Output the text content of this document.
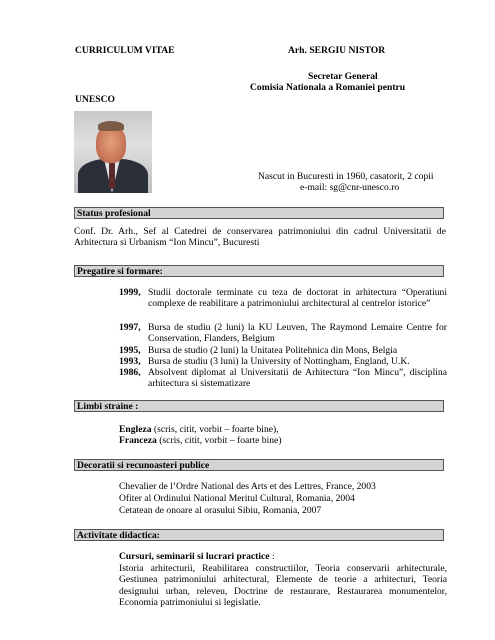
CURRICULUM VITAE	Arh. SERGIU NISTOR
Secretar General
Comisia Nationala a Romaniei pentru
UNESCO
Nascut in Bucuresti in 1960, casatorit, 2 copii
e-mail: sg@cnr-unesco.ro
Status profesional
Conf. Dr. Arh., Sef al Catedrei de conservarea patrimoniului din cadrul Universitatii de Arhitectura si Urbanism “Ion Mincu”, Bucuresti
Pregatire si formare:
1999, Studii doctorale terminate cu teza de doctorat in arhitectura “Operatiuni complexe de reabilitare a patrimoniului architectural al centrelor istorice”
1997, Bursa de studiu (2 luni) la KU Leuven, The Raymond Lemaire Centre for Conservation, Flanders, Belgium
1995, Bursa de studio (2 luni) la Unitatea Politehnica din Mons, Belgia
1993, Bursa de studiu (3 luni) la University of Nottingham, England, U.K.
1986, Absolvent diplomat al Universitatii de Arhitectura “Ion Mincu”, disciplina arhitectura si sistematizare
Limbi straine :
Engleza (scris, citit, vorbit – foarte bine),
Franceza (scris, citit, vorbit – foarte bine)
Decoratii si recunoasteri publice
Chevalier de l’Ordre National des Arts et des Lettres, France, 2003
Ofiter al Ordinului National Meritul Cultural, Romania, 2004
Cetatean de onoare al orasului Sibiu, Romania, 2007
Activitate didactica:
Cursuri, seminarii si lucrari practice :
Istoria arhitecturii, Reabilitarea constructiilor, Teoria conservarii arhitecturale, Gestiunea patrimoniului arhitectural, Elemente de teorie a arhitecturi, Teoria designului urban, releveu, Doctrine de restaurare, Restaurarea monumentelor, Economia patrimoniului si legislatie.
